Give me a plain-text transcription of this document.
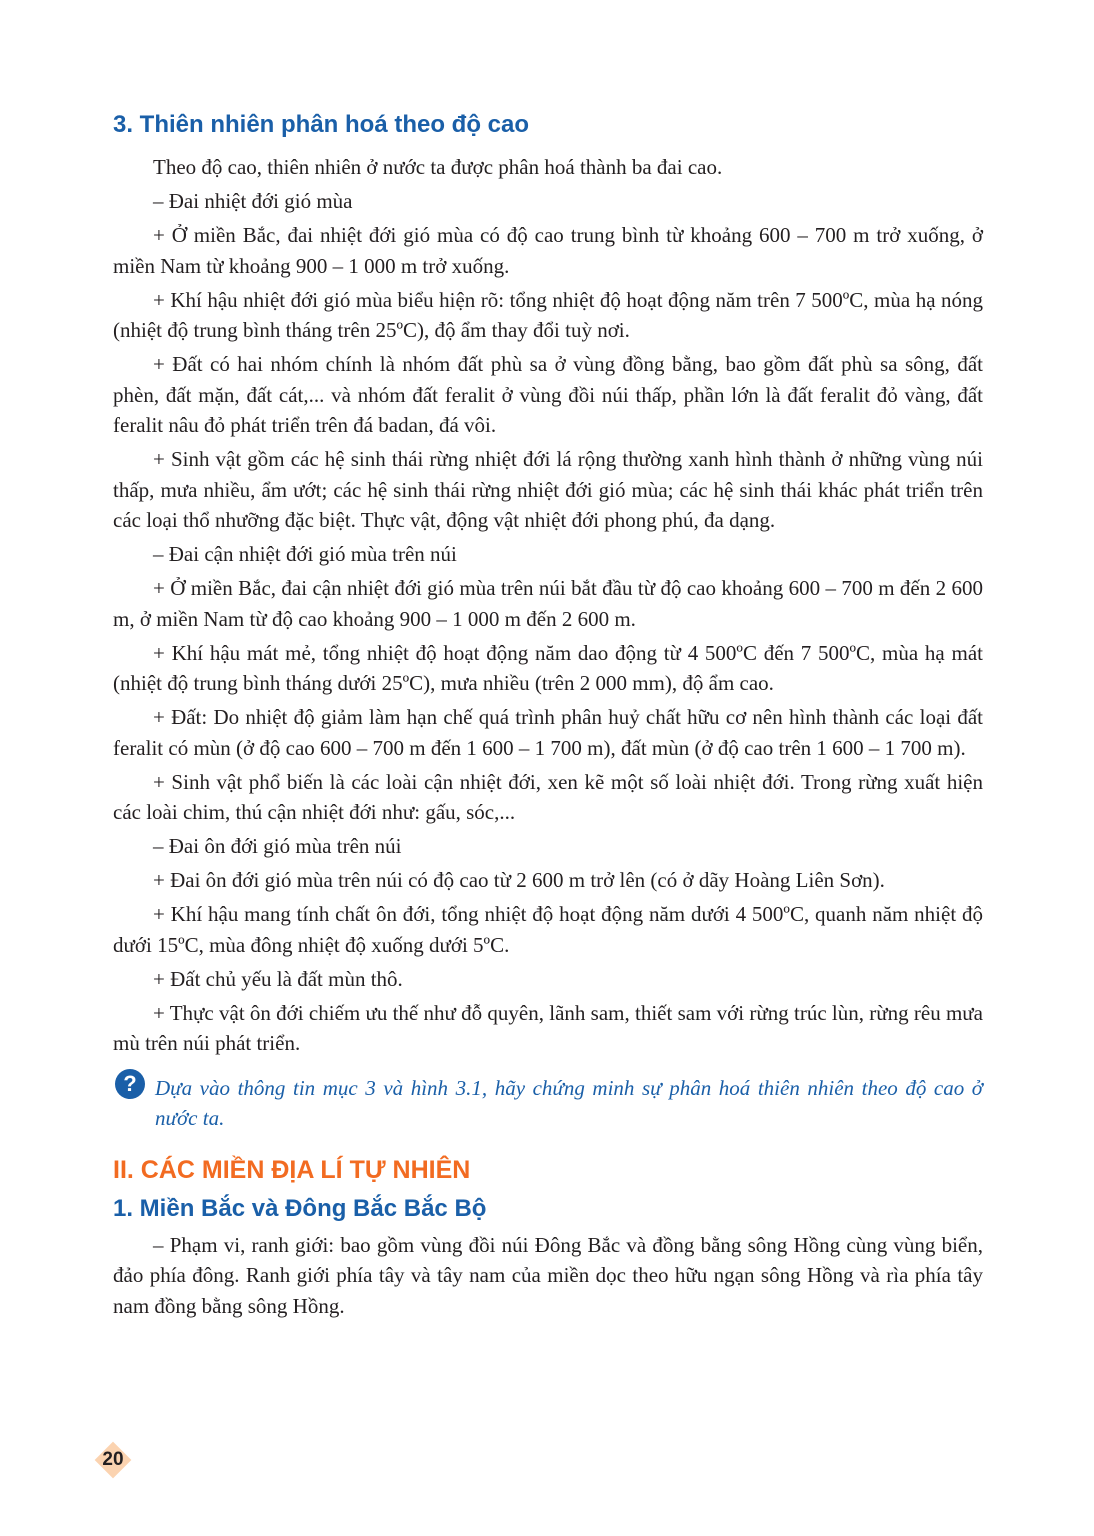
3. Thiên nhiên phân hoá theo độ cao

Theo độ cao, thiên nhiên ở nước ta được phân hoá thành ba đai cao.

– Đai nhiệt đới gió mùa

+ Ở miền Bắc, đai nhiệt đới gió mùa có độ cao trung bình từ khoảng 600 – 700 m trở xuống, ở miền Nam từ khoảng 900 – 1 000 m trở xuống.

+ Khí hậu nhiệt đới gió mùa biểu hiện rõ: tổng nhiệt độ hoạt động năm trên 7 500ºC, mùa hạ nóng (nhiệt độ trung bình tháng trên 25ºC), độ ẩm thay đổi tuỳ nơi.

+ Đất có hai nhóm chính là nhóm đất phù sa ở vùng đồng bằng, bao gồm đất phù sa sông, đất phèn, đất mặn, đất cát,... và nhóm đất feralit ở vùng đồi núi thấp, phần lớn là đất feralit đỏ vàng, đất feralit nâu đỏ phát triển trên đá badan, đá vôi.

+ Sinh vật gồm các hệ sinh thái rừng nhiệt đới lá rộng thường xanh hình thành ở những vùng núi thấp, mưa nhiều, ẩm ướt; các hệ sinh thái rừng nhiệt đới gió mùa; các hệ sinh thái khác phát triển trên các loại thổ nhưỡng đặc biệt. Thực vật, động vật nhiệt đới phong phú, đa dạng.

– Đai cận nhiệt đới gió mùa trên núi

+ Ở miền Bắc, đai cận nhiệt đới gió mùa trên núi bắt đầu từ độ cao khoảng 600 – 700 m đến 2 600 m, ở miền Nam từ độ cao khoảng 900 – 1 000 m đến 2 600 m.

+ Khí hậu mát mẻ, tổng nhiệt độ hoạt động năm dao động từ 4 500ºC đến 7 500ºC, mùa hạ mát (nhiệt độ trung bình tháng dưới 25ºC), mưa nhiều (trên 2 000 mm), độ ẩm cao.

+ Đất: Do nhiệt độ giảm làm hạn chế quá trình phân huỷ chất hữu cơ nên hình thành các loại đất feralit có mùn (ở độ cao 600 – 700 m đến 1 600 – 1 700 m), đất mùn (ở độ cao trên 1 600 – 1 700 m).

+ Sinh vật phổ biến là các loài cận nhiệt đới, xen kẽ một số loài nhiệt đới. Trong rừng xuất hiện các loài chim, thú cận nhiệt đới như: gấu, sóc,...

– Đai ôn đới gió mùa trên núi

+ Đai ôn đới gió mùa trên núi có độ cao từ 2 600 m trở lên (có ở dãy Hoàng Liên Sơn).

+ Khí hậu mang tính chất ôn đới, tổng nhiệt độ hoạt động năm dưới 4 500ºC, quanh năm nhiệt độ dưới 15ºC, mùa đông nhiệt độ xuống dưới 5ºC.

+ Đất chủ yếu là đất mùn thô.

+ Thực vật ôn đới chiếm ưu thế như đỗ quyên, lãnh sam, thiết sam với rừng trúc lùn, rừng rêu mưa mù trên núi phát triển.

? Dựa vào thông tin mục 3 và hình 3.1, hãy chứng minh sự phân hoá thiên nhiên theo độ cao ở nước ta.

II. CÁC MIỀN ĐỊA LÍ TỰ NHIÊN
1. Miền Bắc và Đông Bắc Bắc Bộ

– Phạm vi, ranh giới: bao gồm vùng đồi núi Đông Bắc và đồng bằng sông Hồng cùng vùng biển, đảo phía đông. Ranh giới phía tây và tây nam của miền dọc theo hữu ngạn sông Hồng và rìa phía tây nam đồng bằng sông Hồng.

20
